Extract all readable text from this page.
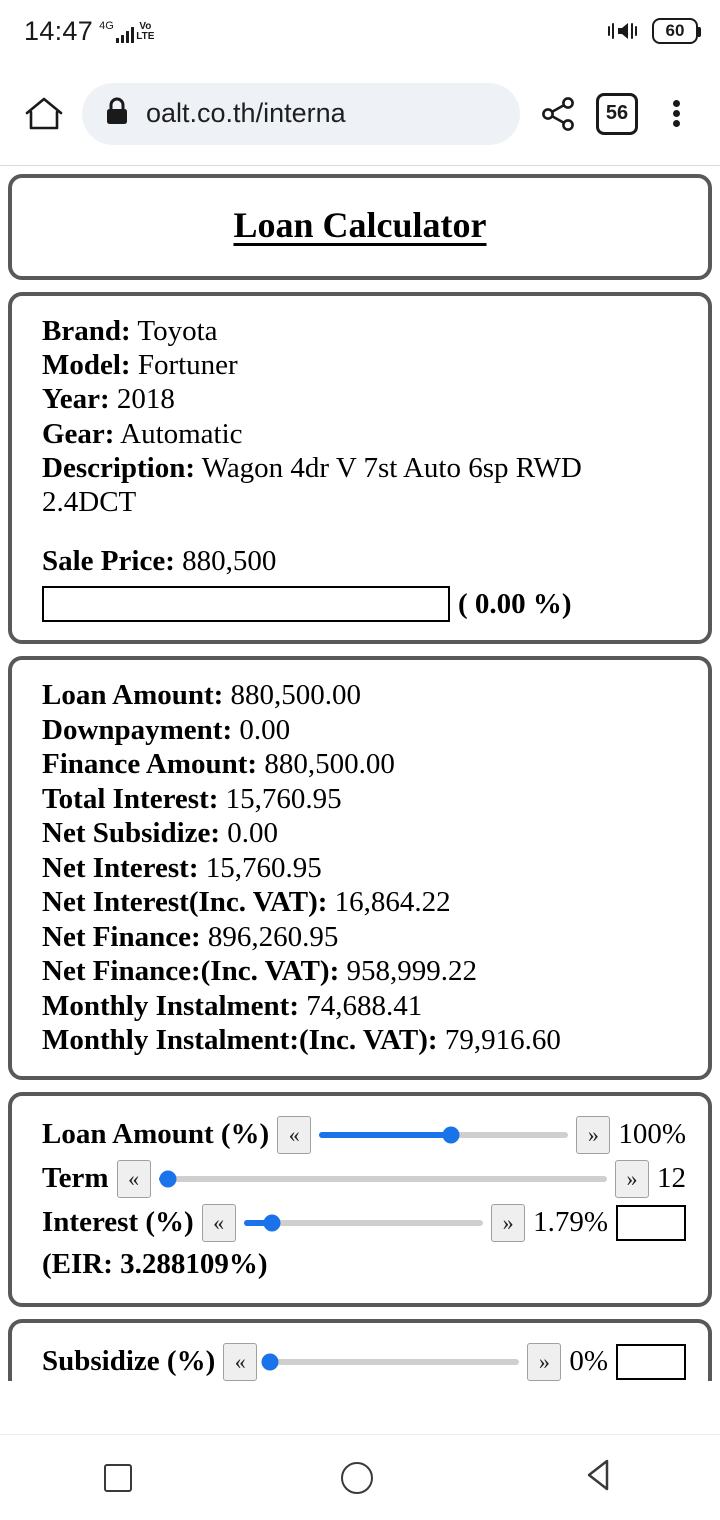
14:47 4G	Vo
LTE	60
oalt.co.th/interna	56
Loan Calculator
Brand: Toyota
Model: Fortuner
Year: 2018
Gear: Automatic
Description: Wagon 4dr V 7st Auto 6sp RWD 2.4DCT
Sale Price: 880,500
( 0.00 %)
Loan Amount: 880,500.00
Downpayment: 0.00
Finance Amount: 880,500.00
Total Interest: 15,760.95
Net Subsidize: 0.00
Net Interest: 15,760.95
Net Interest(Inc. VAT): 16,864.22
Net Finance: 896,260.95
Net Finance:(Inc. VAT): 958,999.22
Monthly Instalment: 74,688.41
Monthly Instalment:(Inc. VAT): 79,916.60
Loan Amount (%) «	» 100%
Term «	» 12
Interest (%) «	» 1.79%
(EIR: 3.288109%)
Subsidize (%) «	» 0%
